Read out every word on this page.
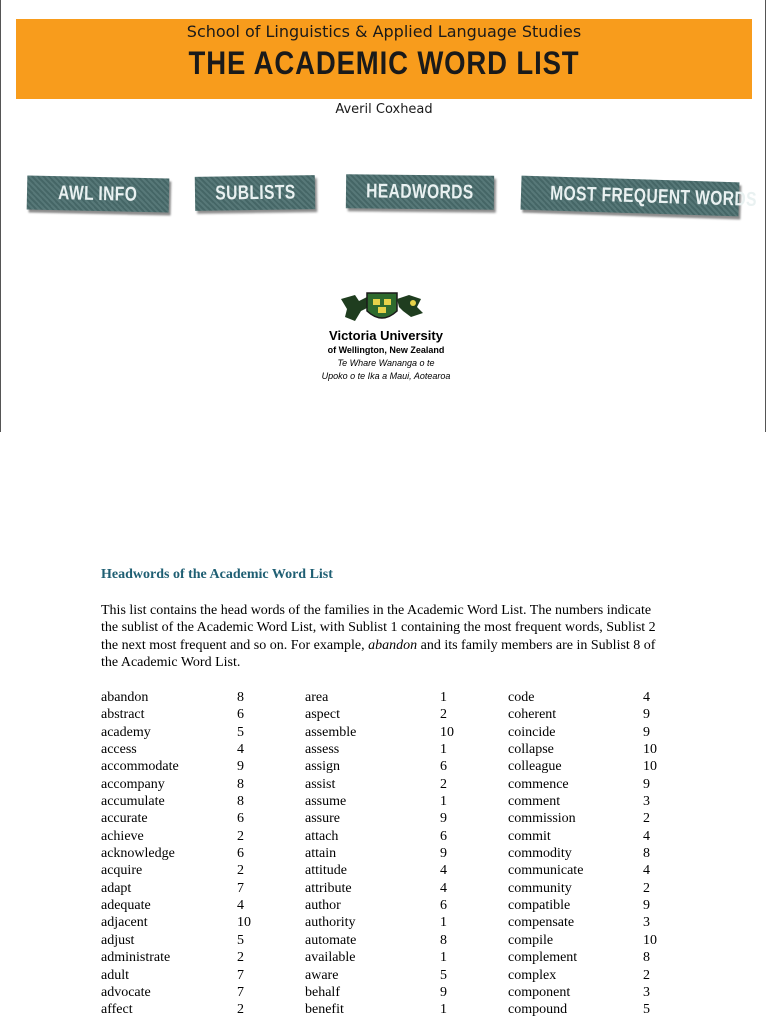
School of Linguistics & Applied Language Studies
THE ACADEMIC WORD LIST
Averil Coxhead
AWL INFO	SUBLISTS	HEADWORDS	MOST FREQUENT WORDS
Victoria University
of Wellington, New Zealand
Te Whare Wananga o te
Upoko o te Ika a Maui, Aotearoa
Headwords of the Academic Word List
This list contains the head words of the families in the Academic Word List. The numbers indicate the sublist of the Academic Word List, with Sublist 1 containing the most frequent words, Sublist 2 the next most frequent and so on. For example, abandon and its family members are in Sublist 8 of the Academic Word List.
abandon	8
abstract	6
academy	5
access	4
accommodate	9
accompany	8
accumulate	8
accurate	6
achieve	2
acknowledge	6
acquire	2
adapt	7
adequate	4
adjacent	10
adjust	5
administrate	2
adult	7
advocate	7
affect	2
area	1
aspect	2
assemble	10
assess	1
assign	6
assist	2
assume	1
assure	9
attach	6
attain	9
attitude	4
attribute	4
author	6
authority	1
automate	8
available	1
aware	5
behalf	9
benefit	1
code	4
coherent	9
coincide	9
collapse	10
colleague	10
commence	9
comment	3
commission	2
commit	4
commodity	8
communicate	4
community	2
compatible	9
compensate	3
compile	10
complement	8
complex	2
component	3
compound	5
